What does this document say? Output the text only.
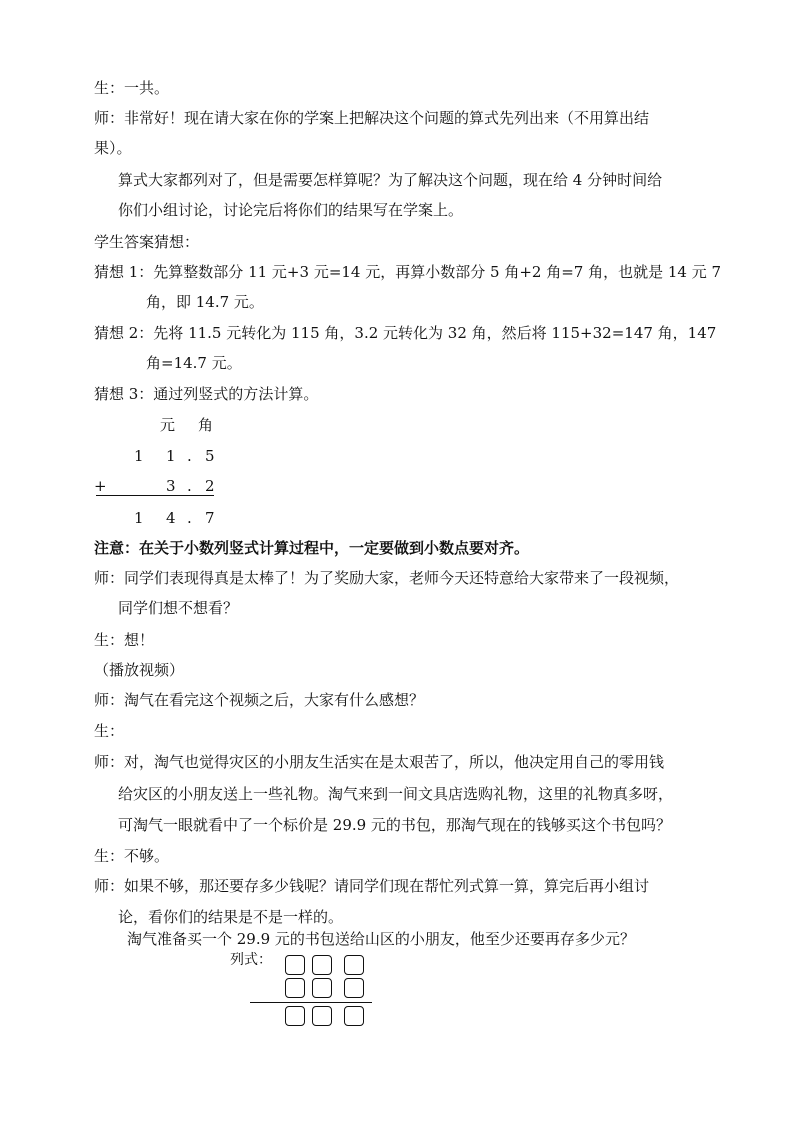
生：一共。
师：非常好！现在请大家在你的学案上把解决这个问题的算式先列出来（不用算出结
果）。
算式大家都列对了，但是需要怎样算呢？为了解决这个问题，现在给 4 分钟时间给
你们小组讨论，讨论完后将你们的结果写在学案上。
学生答案猜想：
猜想 1：先算整数部分 11 元+3 元=14 元，再算小数部分 5 角+2 角=7 角，也就是 14 元 7
角，即 14.7 元。
猜想 2：先将 11.5 元转化为 115 角，3.2 元转化为 32 角，然后将 115+32=147 角，147
角=14.7 元。
猜想 3：通过列竖式的方法计算。
元 角
1 1 . 5
+	3 . 2
1 4 . 7
注意：在关于小数列竖式计算过程中，一定要做到小数点要对齐。
师：同学们表现得真是太棒了！为了奖励大家，老师今天还特意给大家带来了一段视频，
同学们想不想看？
生：想！
（播放视频）
师：淘气在看完这个视频之后，大家有什么感想？
生：
师：对，淘气也觉得灾区的小朋友生活实在是太艰苦了，所以，他决定用自己的零用钱
给灾区的小朋友送上一些礼物。淘气来到一间文具店选购礼物，这里的礼物真多呀，
可淘气一眼就看中了一个标价是 29.9 元的书包，那淘气现在的钱够买这个书包吗？
生：不够。
师：如果不够，那还要存多少钱呢？请同学们现在帮忙列式算一算，算完后再小组讨
论，看你们的结果是不是一样的。
淘气准备买一个 29.9 元的书包送给山区的小朋友，他至少还要再存多少元？
列式：
